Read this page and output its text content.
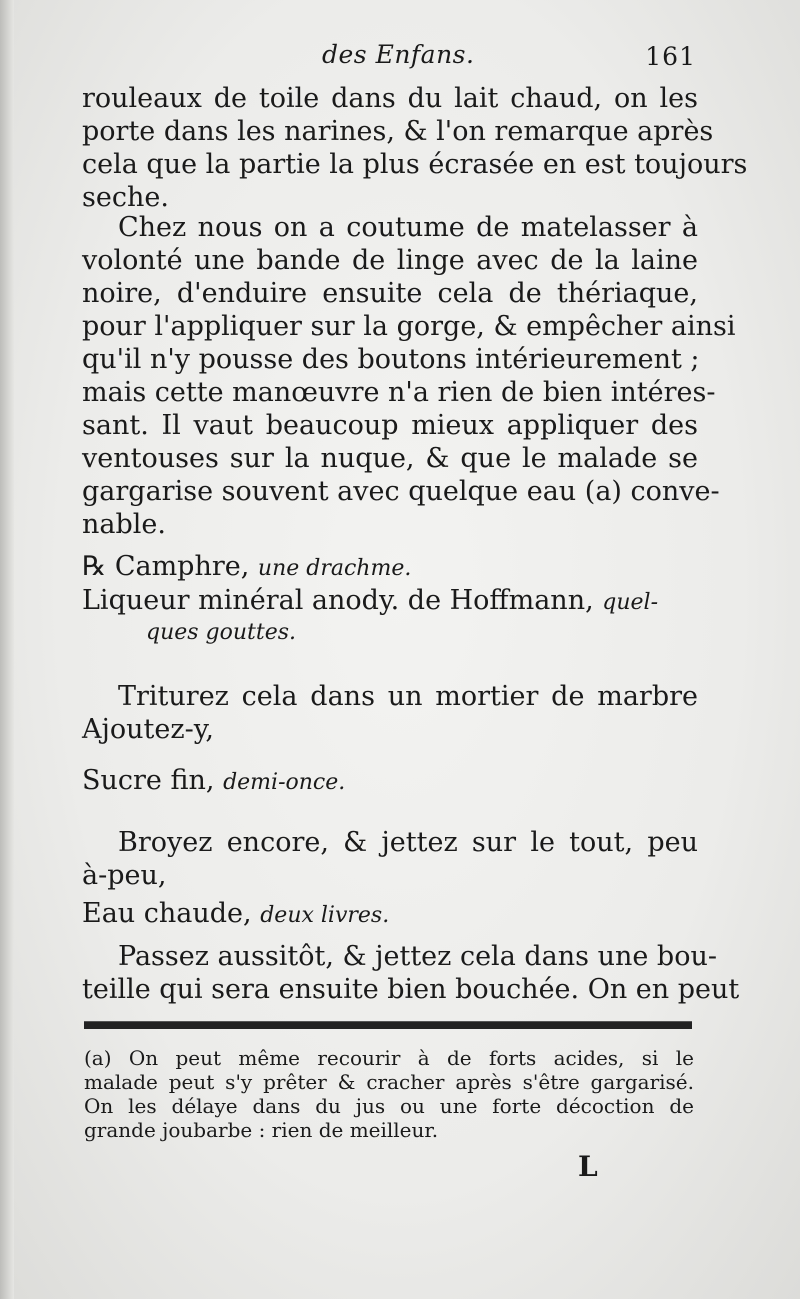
des Enfans.	161
rouleaux de toile dans du lait chaud, on les
porte dans les narines, & l'on remarque après
cela que la partie la plus écrasée en est toujours
seche.
Chez nous on a coutume de matelasser à
volonté une bande de linge avec de la laine
noire, d'enduire ensuite cela de thériaque,
pour l'appliquer sur la gorge, & empêcher ainsi
qu'il n'y pousse des boutons intérieurement ;
mais cette manœuvre n'a rien de bien intéres-
sant. Il vaut beaucoup mieux appliquer des
ventouses sur la nuque, & que le malade se
gargarise souvent avec quelque eau (a) conve-
nable.
℞ Camphre, une drachme.
Liqueur minéral anody. de Hoffmann, quel-
ques gouttes.
Triturez cela dans un mortier de marbre
Ajoutez-y,
Sucre fin, demi-once.
Broyez encore, & jettez sur le tout, peu
à-peu,
Eau chaude, deux livres.
Passez aussitôt, & jettez cela dans une bou-
teille qui sera ensuite bien bouchée. On en peut
(a) On peut même recourir à de forts acides, si le
malade peut s'y prêter & cracher après s'être gargarisé.
On les délaye dans du jus ou une forte décoction de
grande joubarbe : rien de meilleur.
L
